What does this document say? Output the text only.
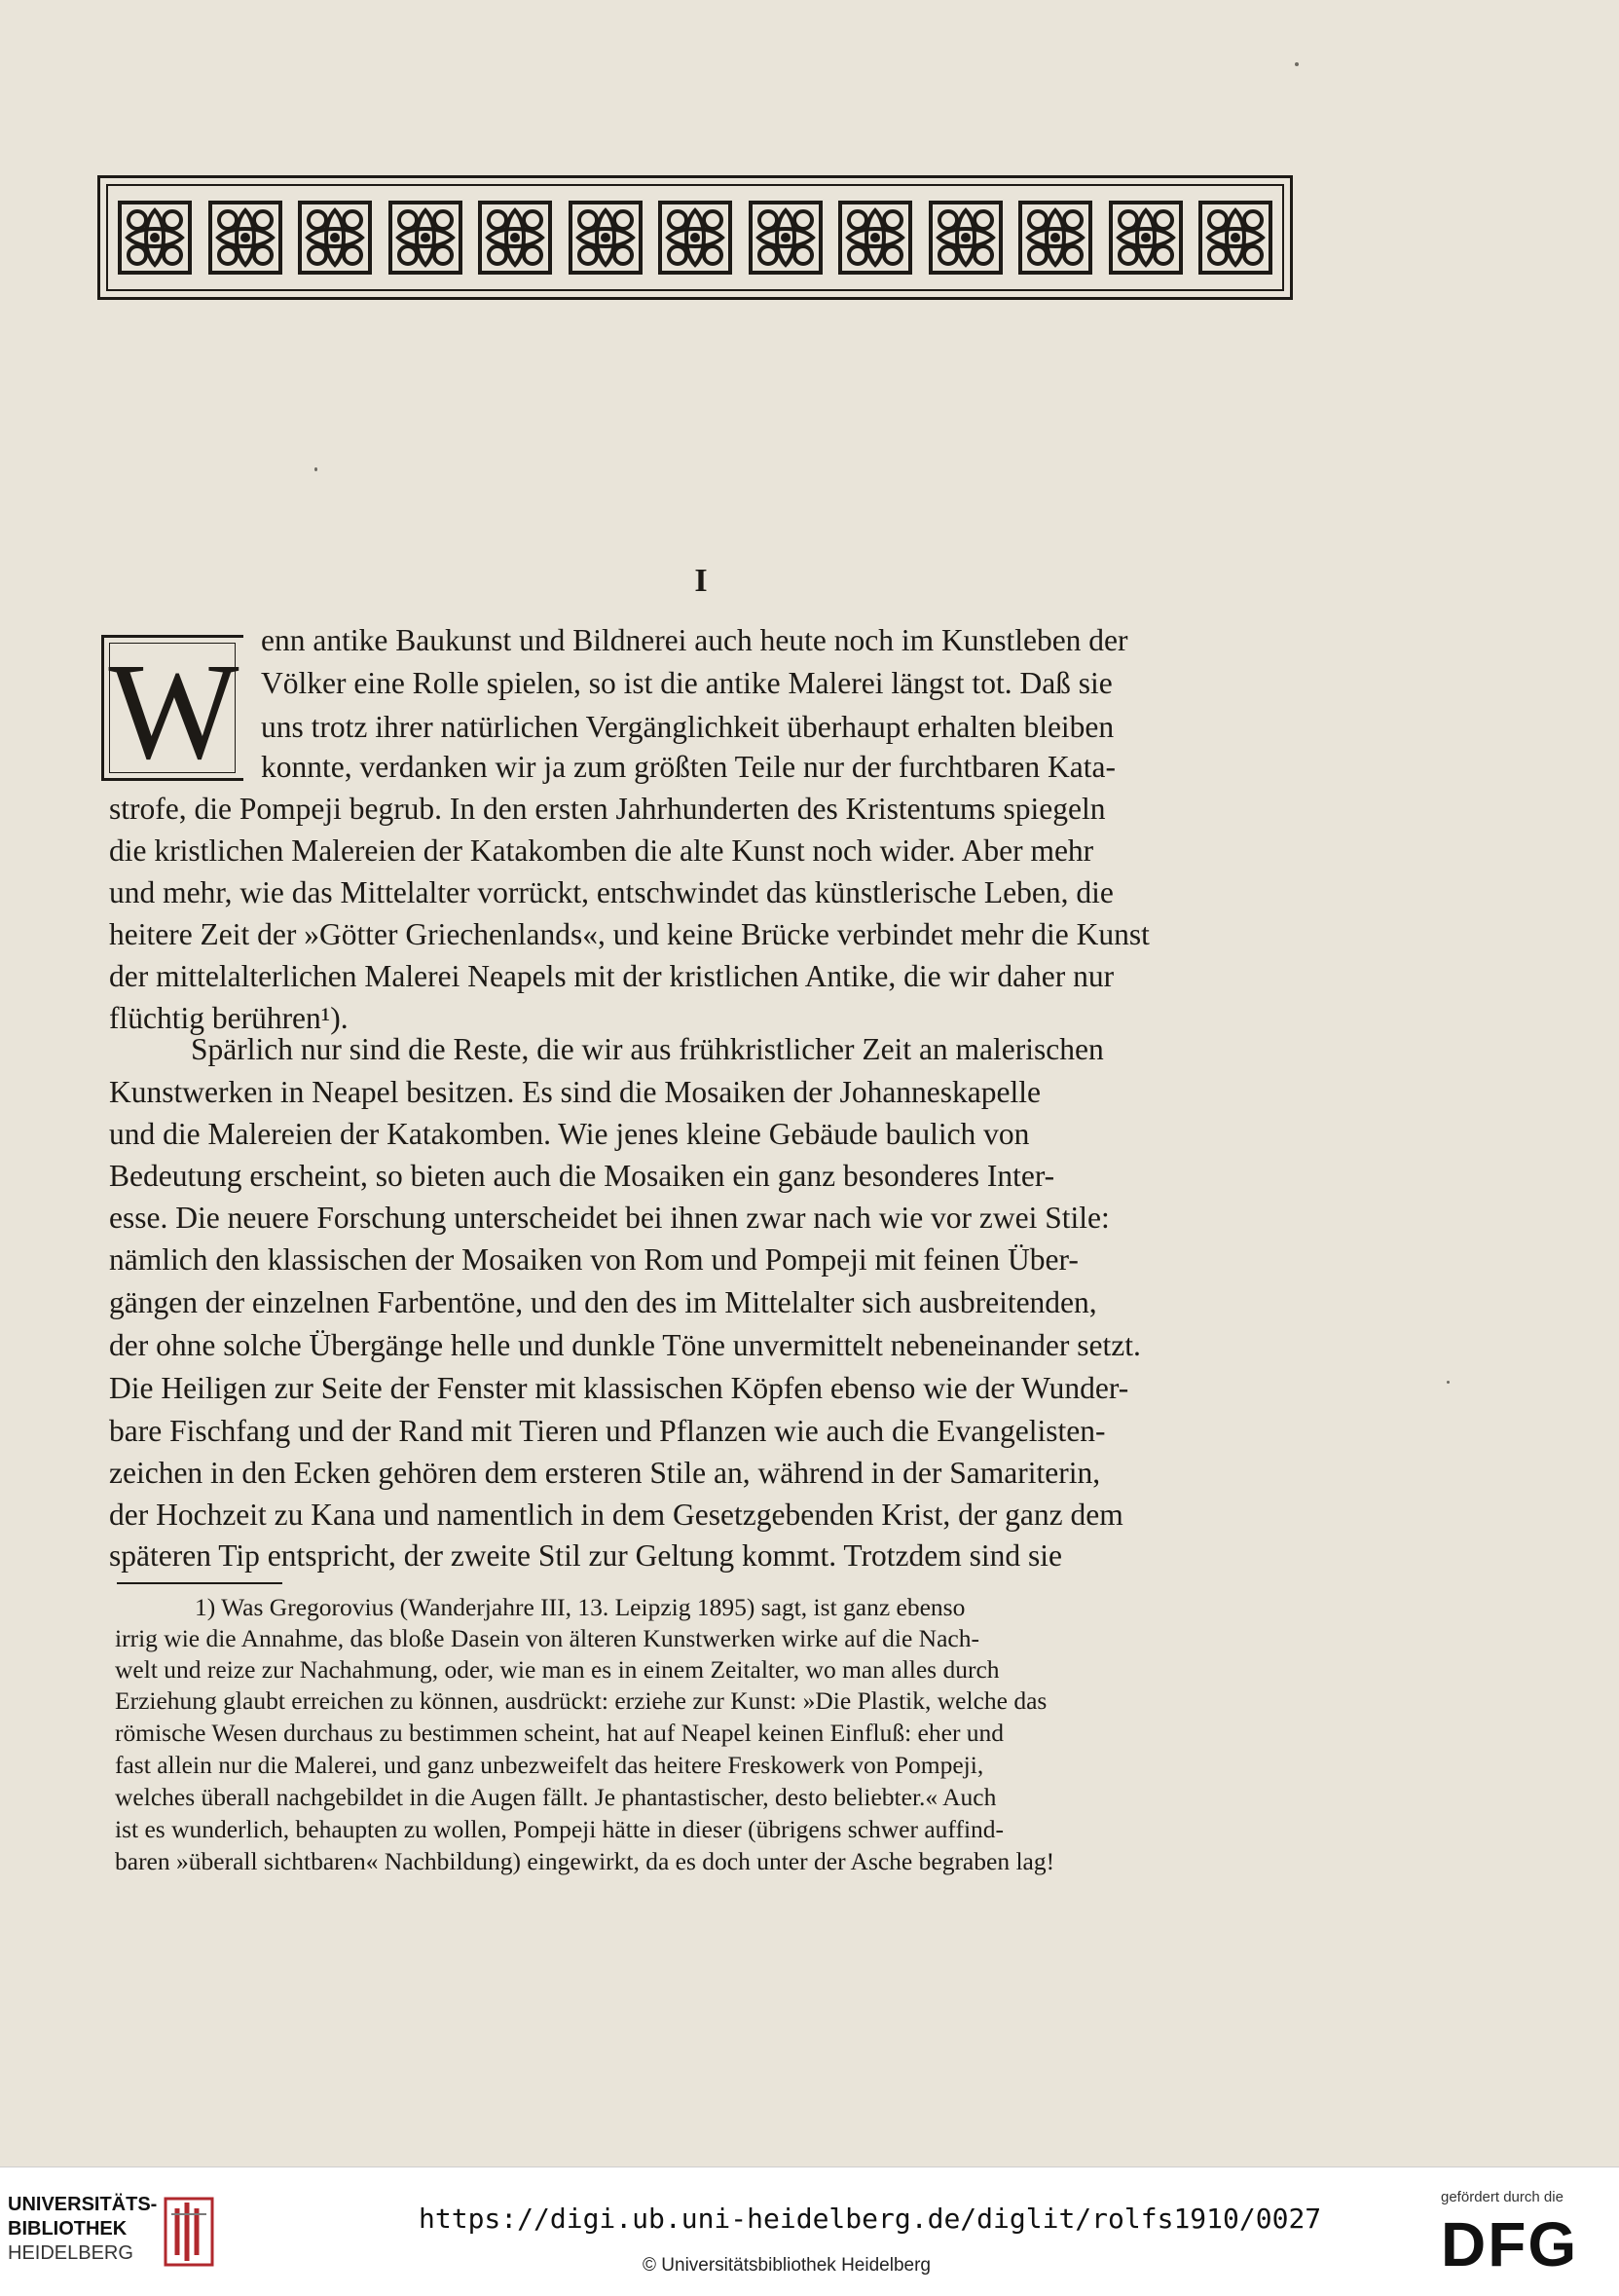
I
W enn antike Baukunst und Bildnerei auch heute noch im Kunstleben der
Völker eine Rolle spielen, so ist die antike Malerei längst tot. Daß sie
uns trotz ihrer natürlichen Vergänglichkeit überhaupt erhalten bleiben
konnte, verdanken wir ja zum größten Teile nur der furchtbaren Kata-
strofe, die Pompeji begrub. In den ersten Jahrhunderten des Kristentums spiegeln
die kristlichen Malereien der Katakomben die alte Kunst noch wider. Aber mehr
und mehr, wie das Mittelalter vorrückt, entschwindet das künstlerische Leben, die
heitere Zeit der »Götter Griechenlands«, und keine Brücke verbindet mehr die Kunst
der mittelalterlichen Malerei Neapels mit der kristlichen Antike, die wir daher nur
flüchtig berühren¹).
Spärlich nur sind die Reste, die wir aus frühkristlicher Zeit an malerischen
Kunstwerken in Neapel besitzen. Es sind die Mosaiken der Johanneskapelle
und die Malereien der Katakomben. Wie jenes kleine Gebäude baulich von
Bedeutung erscheint, so bieten auch die Mosaiken ein ganz besonderes Inter-
esse. Die neuere Forschung unterscheidet bei ihnen zwar nach wie vor zwei Stile:
nämlich den klassischen der Mosaiken von Rom und Pompeji mit feinen Über-
gängen der einzelnen Farbentöne, und den des im Mittelalter sich ausbreitenden,
der ohne solche Übergänge helle und dunkle Töne unvermittelt nebeneinander setzt.
Die Heiligen zur Seite der Fenster mit klassischen Köpfen ebenso wie der Wunder-
bare Fischfang und der Rand mit Tieren und Pflanzen wie auch die Evangelisten-
zeichen in den Ecken gehören dem ersteren Stile an, während in der Samariterin,
der Hochzeit zu Kana und namentlich in dem Gesetzgebenden Krist, der ganz dem
späteren Tip entspricht, der zweite Stil zur Geltung kommt. Trotzdem sind sie
1) Was Gregorovius (Wanderjahre III, 13. Leipzig 1895) sagt, ist ganz ebenso
irrig wie die Annahme, das bloße Dasein von älteren Kunstwerken wirke auf die Nach-
welt und reize zur Nachahmung, oder, wie man es in einem Zeitalter, wo man alles durch
Erziehung glaubt erreichen zu können, ausdrückt: erziehe zur Kunst: »Die Plastik, welche das
römische Wesen durchaus zu bestimmen scheint, hat auf Neapel keinen Einfluß: eher und
fast allein nur die Malerei, und ganz unbezweifelt das heitere Freskowerk von Pompeji,
welches überall nachgebildet in die Augen fällt. Je phantastischer, desto beliebter.« Auch
ist es wunderlich, behaupten zu wollen, Pompeji hätte in dieser (übrigens schwer auffind-
baren »überall sichtbaren« Nachbildung) eingewirkt, da es doch unter der Asche begraben lag!
UNIVERSITÄTS-
BIBLIOTHEK
HEIDELBERG
https://digi.ub.uni-heidelberg.de/diglit/rolfs1910/0027
© Universitätsbibliothek Heidelberg
gefördert durch die
DFG
